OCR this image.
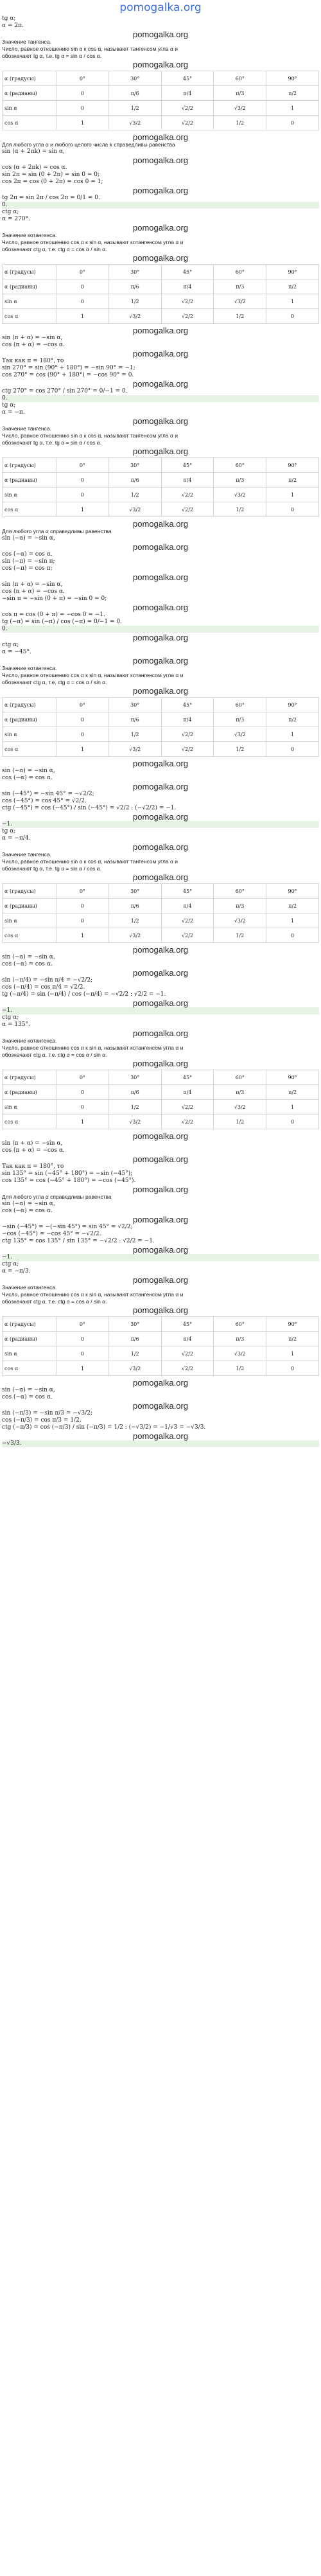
pomogalka.org
tg α;
α = 2π.
pomogalka.org
Значение тангенса.
Число, равное отношению sin α к cos α, называют тангенсом угла α и
обозначают tg α, т.е. tg α = sin α / cos α.
pomogalka.org
α (градусы)	0°	30°	45°	60°	90°
α (радианы)	0	π/6	π/4	π/3	π/2
sin α	0	1/2	√2/2	√3/2	1
cos α	1	√3/2	√2/2	1/2	0
pomogalka.org
Для любого угла α и любого целого числа k справедливы равенства
sin (α + 2πk) = sin α,
pomogalka.org
cos (α + 2πk) = cos α.
sin 2π = sin (0 + 2π) = sin 0 = 0;
cos 2π = cos (0 + 2π) = cos 0 = 1;
pomogalka.org
tg 2π = sin 2π / cos 2π = 0/1 = 0.
0.
ctg α;
α = 270°.
pomogalka.org
Значение котангенса.
Число, равное отношению cos α к sin α, называют котангенсом угла α и
обозначают ctg α, т.е. ctg α = cos α / sin α.
pomogalka.org
α (градусы)	0°	30°	45°	60°	90°
α (радианы)	0	π/6	π/4	π/3	π/2
sin α	0	1/2	√2/2	√3/2	1
cos α	1	√3/2	√2/2	1/2	0
pomogalka.org
sin (π + α) = −sin α,
cos (π + α) = −cos α.
pomogalka.org
Так как π = 180°, то
sin 270° = sin (90° + 180°) = −sin 90° = −1;
cos 270° = cos (90° + 180°) = −cos 90° = 0.
pomogalka.org
ctg 270° = cos 270° / sin 270° = 0/−1 = 0.
0.
tg α;
α = −π.
pomogalka.org
Значение тангенса.
Число, равное отношению sin α к cos α, называют тангенсом угла α и
обозначают tg α, т.е. tg α = sin α / cos α.
pomogalka.org
α (градусы)	0°	30°	45°	60°	90°
α (радианы)	0	π/6	π/4	π/3	π/2
sin α	0	1/2	√2/2	√3/2	1
cos α	1	√3/2	√2/2	1/2	0
pomogalka.org
Для любого угла α справедливы равенства
sin (−α) = −sin α,
pomogalka.org
cos (−α) = cos α.
sin (−π) = −sin π;
cos (−π) = cos π;
pomogalka.org
sin (π + α) = −sin α,
cos (π + α) = −cos α.
−sin π = −sin (0 + π) = −sin 0 = 0;
pomogalka.org
cos π = cos (0 + π) = −cos 0 = −1.
tg (−π) = sin (−π) / cos (−π) = 0/−1 = 0.
0.
pomogalka.org
ctg α;
α = −45°.
pomogalka.org
Значение котангенса.
Число, равное отношению cos α к sin α, называют котангенсом угла α и
обозначают ctg α, т.е. ctg α = cos α / sin α.
pomogalka.org
α (градусы)	0°	30°	45°	60°	90°
α (радианы)	0	π/6	π/4	π/3	π/2
sin α	0	1/2	√2/2	√3/2	1
cos α	1	√3/2	√2/2	1/2	0
pomogalka.org
sin (−α) = −sin α,
cos (−α) = cos α.
pomogalka.org
sin (−45°) = −sin 45° = −√2/2;
cos (−45°) = cos 45° = √2/2.
ctg (−45°) = cos (−45°) / sin (−45°) = √2/2 : (−√2/2) = −1.
pomogalka.org
−1.
tg α;
α = −π/4.
pomogalka.org
Значение тангенса.
Число, равное отношению sin α к cos α, называют тангенсом угла α и
обозначают tg α, т.е. tg α = sin α / cos α.
pomogalka.org
α (градусы)	0°	30°	45°	60°	90°
α (радианы)	0	π/6	π/4	π/3	π/2
sin α	0	1/2	√2/2	√3/2	1
cos α	1	√3/2	√2/2	1/2	0
pomogalka.org
sin (−α) = −sin α,
cos (−α) = cos α.
pomogalka.org
sin (−π/4) = −sin π/4 = −√2/2;
cos (−π/4) = cos π/4 = √2/2.
tg (−π/4) = sin (−π/4) / cos (−π/4) = −√2/2 : √2/2 = −1.
pomogalka.org
−1.
ctg α;
α = 135°.
pomogalka.org
Значение котангенса.
Число, равное отношению cos α к sin α, называют котангенсом угла α и
обозначают ctg α, т.е. ctg α = cos α / sin α.
pomogalka.org
α (градусы)	0°	30°	45°	60°	90°
α (радианы)	0	π/6	π/4	π/3	π/2
sin α	0	1/2	√2/2	√3/2	1
cos α	1	√3/2	√2/2	1/2	0
pomogalka.org
sin (π + α) = −sin α,
cos (π + α) = −cos α.
pomogalka.org
Так как π = 180°, то
sin 135° = sin (−45° + 180°) = −sin (−45°);
cos 135° = cos (−45° + 180°) = −cos (−45°).
pomogalka.org
Для любого угла α справедливы равенства
sin (−α) = −sin α,
cos (−α) = cos α.
pomogalka.org
−sin (−45°) = −(−sin 45°) = sin 45° = √2/2;
−cos (−45°) = −cos 45° = −√2/2.
ctg 135° = cos 135° / sin 135° = −√2/2 : √2/2 = −1.
pomogalka.org
−1.
ctg α;
α = −π/3.
pomogalka.org
Значение котангенса.
Число, равное отношению cos α к sin α, называют котангенсом угла α и
обозначают ctg α, т.е. ctg α = cos α / sin α.
pomogalka.org
α (градусы)	0°	30°	45°	60°	90°
α (радианы)	0	π/6	π/4	π/3	π/2
sin α	0	1/2	√2/2	√3/2	1
cos α	1	√3/2	√2/2	1/2	0
pomogalka.org
sin (−α) = −sin α,
cos (−α) = cos α.
pomogalka.org
sin (−π/3) = −sin π/3 = −√3/2;
cos (−π/3) = cos π/3 = 1/2.
ctg (−π/3) = cos (−π/3) / sin (−π/3) = 1/2 : (−√3/2) = −1/√3 = −√3/3.
pomogalka.org
−√3/3.
